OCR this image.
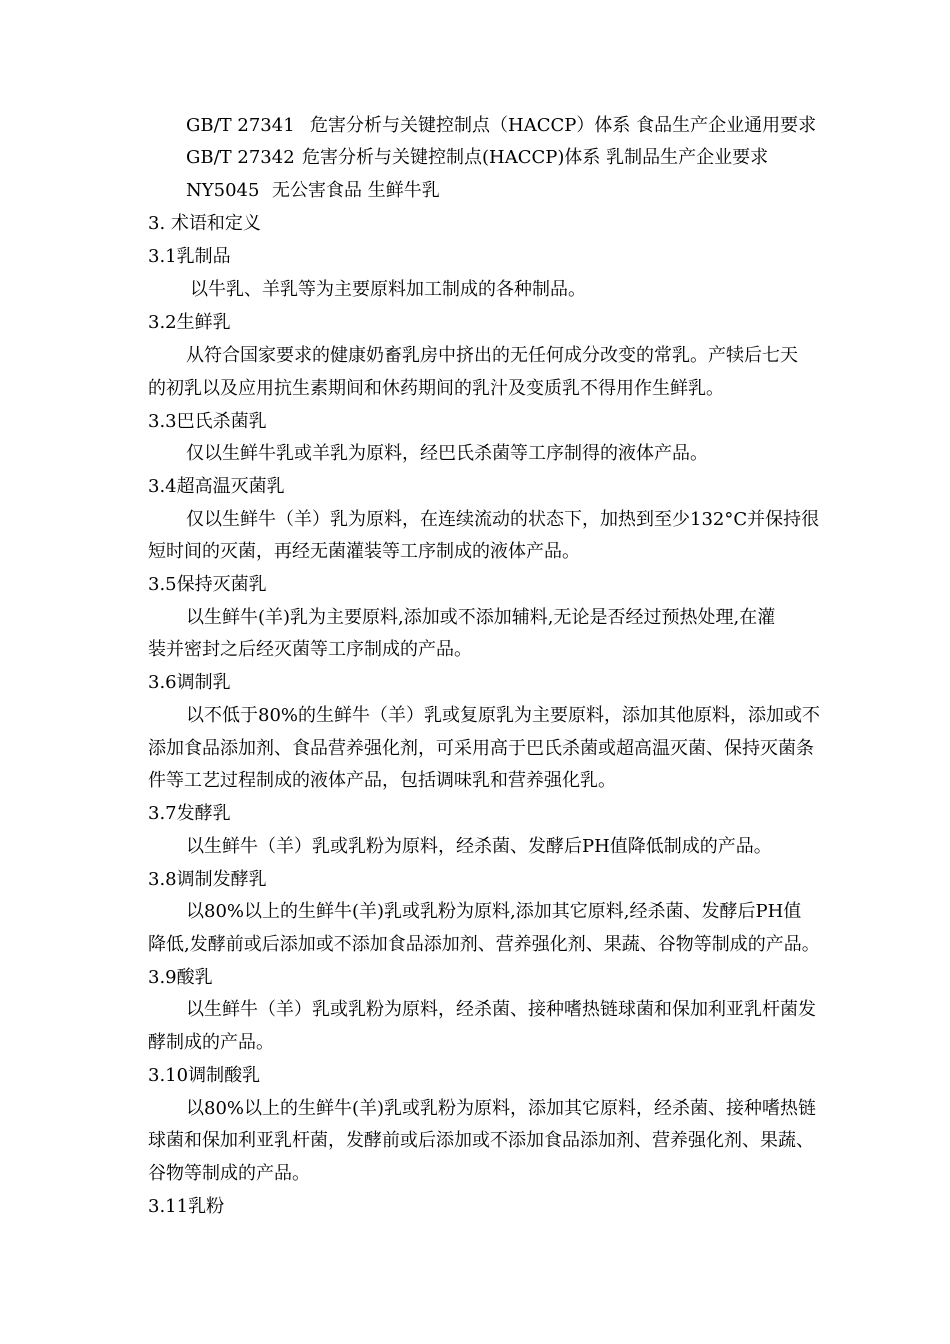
GB/T 27341 危害分析与关键控制点（HACCP）体系 食品生产企业通用要求
GB/T 27342 危害分析与关键控制点(HACCP)体系 乳制品生产企业要求
NY5045 无公害食品 生鲜牛乳
3. 术语和定义
3.1乳制品
以牛乳、羊乳等为主要原料加工制成的各种制品。
3.2生鲜乳
从符合国家要求的健康奶畜乳房中挤出的无任何成分改变的常乳。产犊后七天
的初乳以及应用抗生素期间和休药期间的乳汁及变质乳不得用作生鲜乳。
3.3巴氏杀菌乳
仅以生鲜牛乳或羊乳为原料，经巴氏杀菌等工序制得的液体产品。
3.4超高温灭菌乳
仅以生鲜牛（羊）乳为原料，在连续流动的状态下，加热到至少132°C并保持很
短时间的灭菌，再经无菌灌装等工序制成的液体产品。
3.5保持灭菌乳
以生鲜牛(羊)乳为主要原料,添加或不添加辅料,无论是否经过预热处理,在灌
装并密封之后经灭菌等工序制成的产品。
3.6调制乳
以不低于80%的生鲜牛（羊）乳或复原乳为主要原料，添加其他原料，添加或不
添加食品添加剂、食品营养强化剂，可采用高于巴氏杀菌或超高温灭菌、保持灭菌条
件等工艺过程制成的液体产品，包括调味乳和营养强化乳。
3.7发酵乳
以生鲜牛（羊）乳或乳粉为原料，经杀菌、发酵后PH值降低制成的产品。
3.8调制发酵乳
以80%以上的生鲜牛(羊)乳或乳粉为原料,添加其它原料,经杀菌、发酵后PH值
降低,发酵前或后添加或不添加食品添加剂、营养强化剂、果蔬、谷物等制成的产品。
3.9酸乳
以生鲜牛（羊）乳或乳粉为原料，经杀菌、接种嗜热链球菌和保加利亚乳杆菌发
酵制成的产品。
3.10调制酸乳
以80%以上的生鲜牛(羊)乳或乳粉为原料，添加其它原料，经杀菌、接种嗜热链
球菌和保加利亚乳杆菌，发酵前或后添加或不添加食品添加剂、营养强化剂、果蔬、
谷物等制成的产品。
3.11乳粉
